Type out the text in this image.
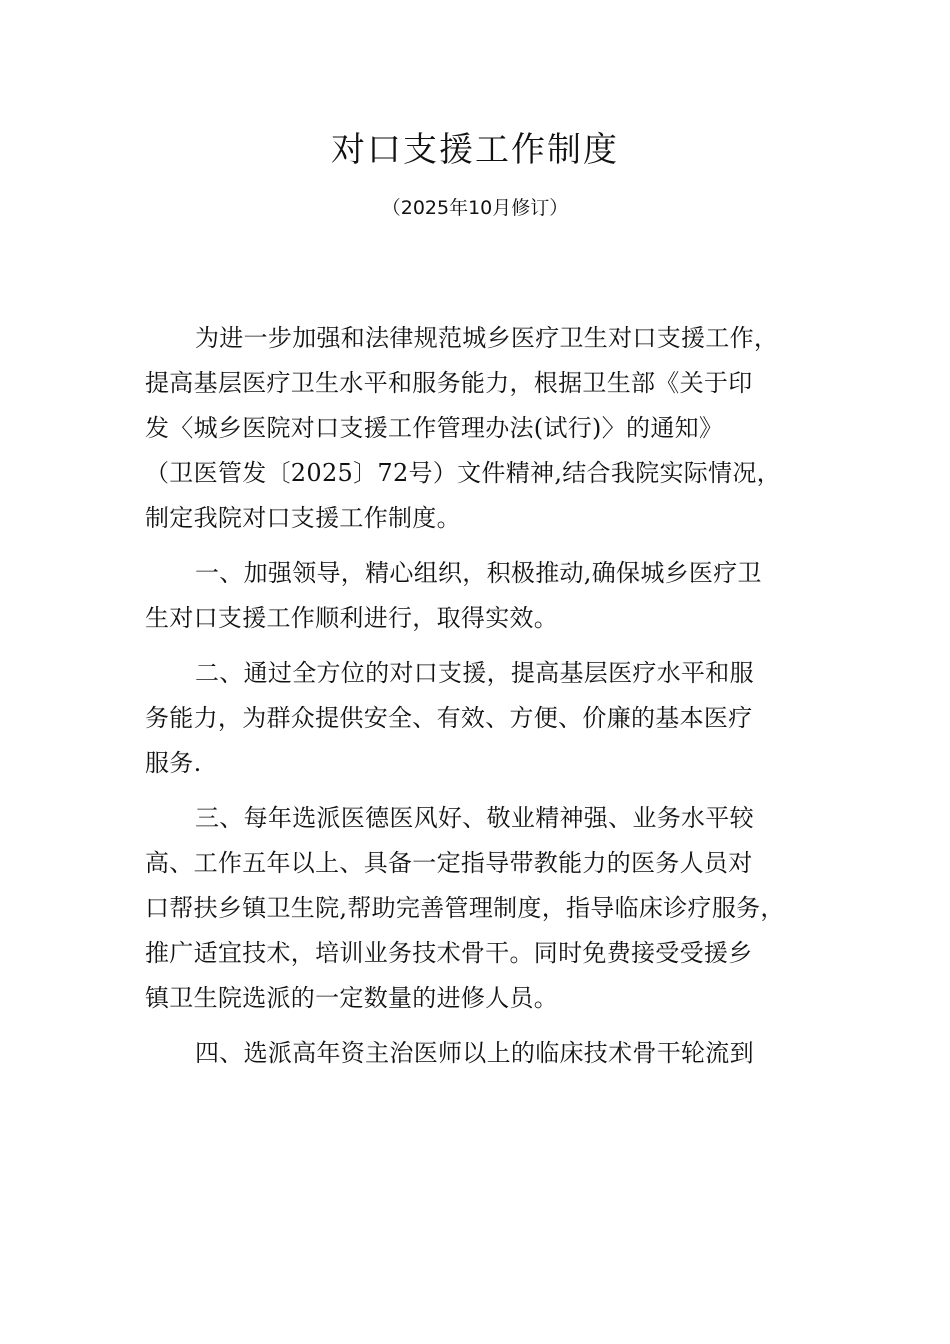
对口支援工作制度
（2025年10月修订）
为进一步加强和法律规范城乡医疗卫生对口支援工作，
提高基层医疗卫生水平和服务能力，根据卫生部《关于印
发〈城乡医院对口支援工作管理办法(试行)〉的通知》
（卫医管发〔2025〕72号）文件精神,结合我院实际情况，
制定我院对口支援工作制度。
一、加强领导，精心组织，积极推动,确保城乡医疗卫
生对口支援工作顺利进行，取得实效。
二、通过全方位的对口支援，提高基层医疗水平和服
务能力，为群众提供安全、有效、方便、价廉的基本医疗
服务.
三、每年选派医德医风好、敬业精神强、业务水平较
高、工作五年以上、具备一定指导带教能力的医务人员对
口帮扶乡镇卫生院,帮助完善管理制度，指导临床诊疗服务，
推广适宜技术，培训业务技术骨干。同时免费接受受援乡
镇卫生院选派的一定数量的进修人员。
四、选派高年资主治医师以上的临床技术骨干轮流到
